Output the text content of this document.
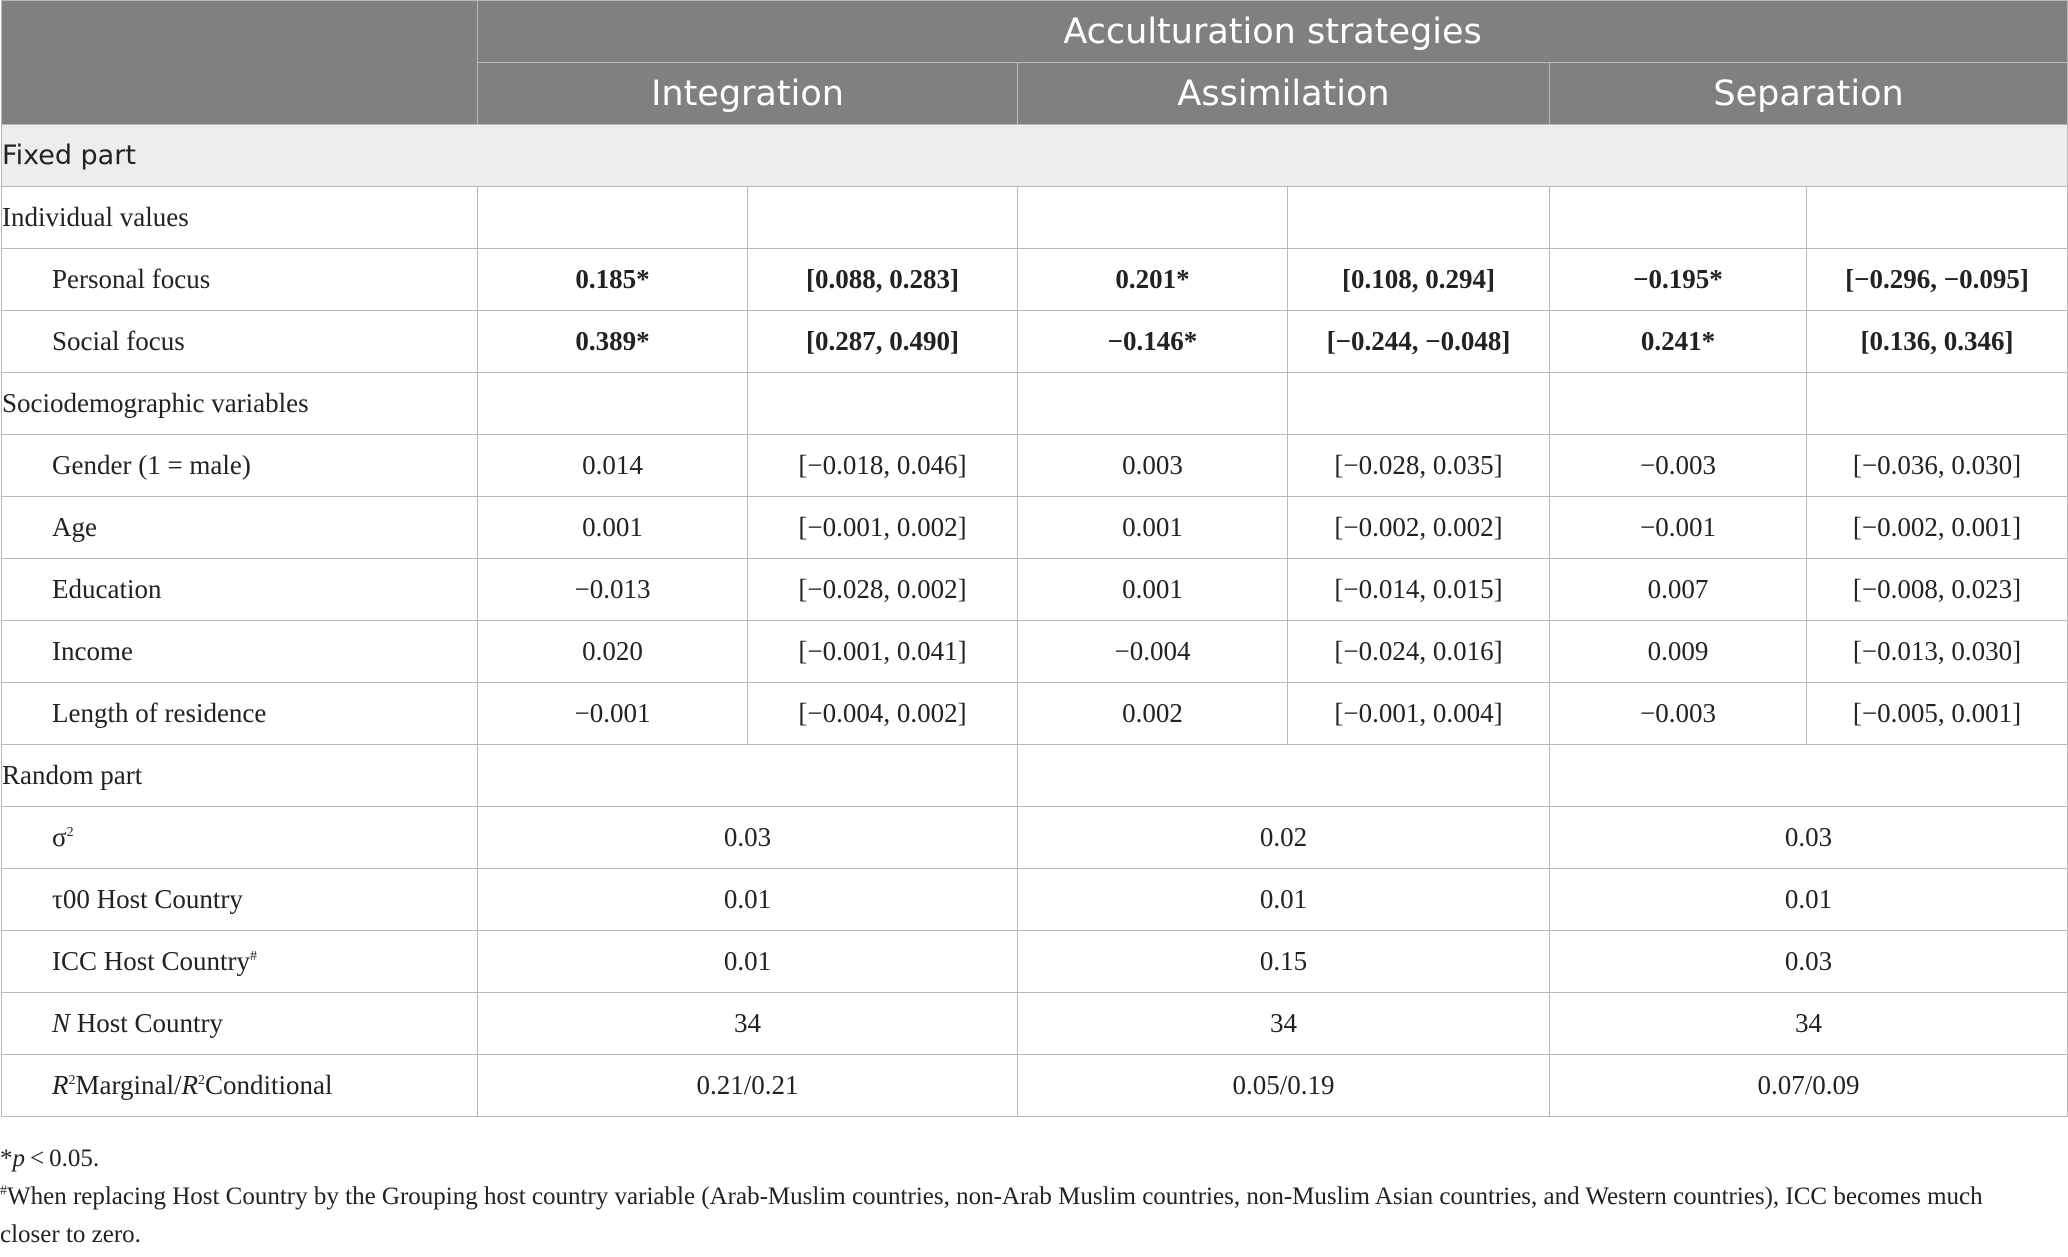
	Acculturation strategies					
	Integration		Assimilation		Separation	
Fixed part						
Individual values						
Personal focus	0.185*	[0.088, 0.283]	0.201*	[0.108, 0.294]	−0.195*	[−0.296, −0.095]
Social focus	0.389*	[0.287, 0.490]	−0.146*	[−0.244, −0.048]	0.241*	[0.136, 0.346]
Sociodemographic variables						
Gender (1 = male)	0.014	[−0.018, 0.046]	0.003	[−0.028, 0.035]	−0.003	[−0.036, 0.030]
Age	0.001	[−0.001, 0.002]	0.001	[−0.002, 0.002]	−0.001	[−0.002, 0.001]
Education	−0.013	[−0.028, 0.002]	0.001	[−0.014, 0.015]	0.007	[−0.008, 0.023]
Income	0.020	[−0.001, 0.041]	−0.004	[−0.024, 0.016]	0.009	[−0.013, 0.030]
Length of residence	−0.001	[−0.004, 0.002]	0.002	[−0.001, 0.004]	−0.003	[−0.005, 0.001]
Random part						
$\sigma^2$	0.03		0.02		0.03	
τ00 Host Country	0.01		0.01		0.01	
ICC Host Country#	0.01		0.15		0.03	
N Host Country	34		34		34	
$R^2Marginal/R^2Conditional$	0.21/0.21		0.05/0.19		0.07/0.09	

*p < 0.05.

#When replacing Host Country by the Grouping host country variable (Arab-Muslim countries, non-Arab Muslim countries, non-Muslim Asian countries, and Western countries), ICC becomes much closer to zero.
